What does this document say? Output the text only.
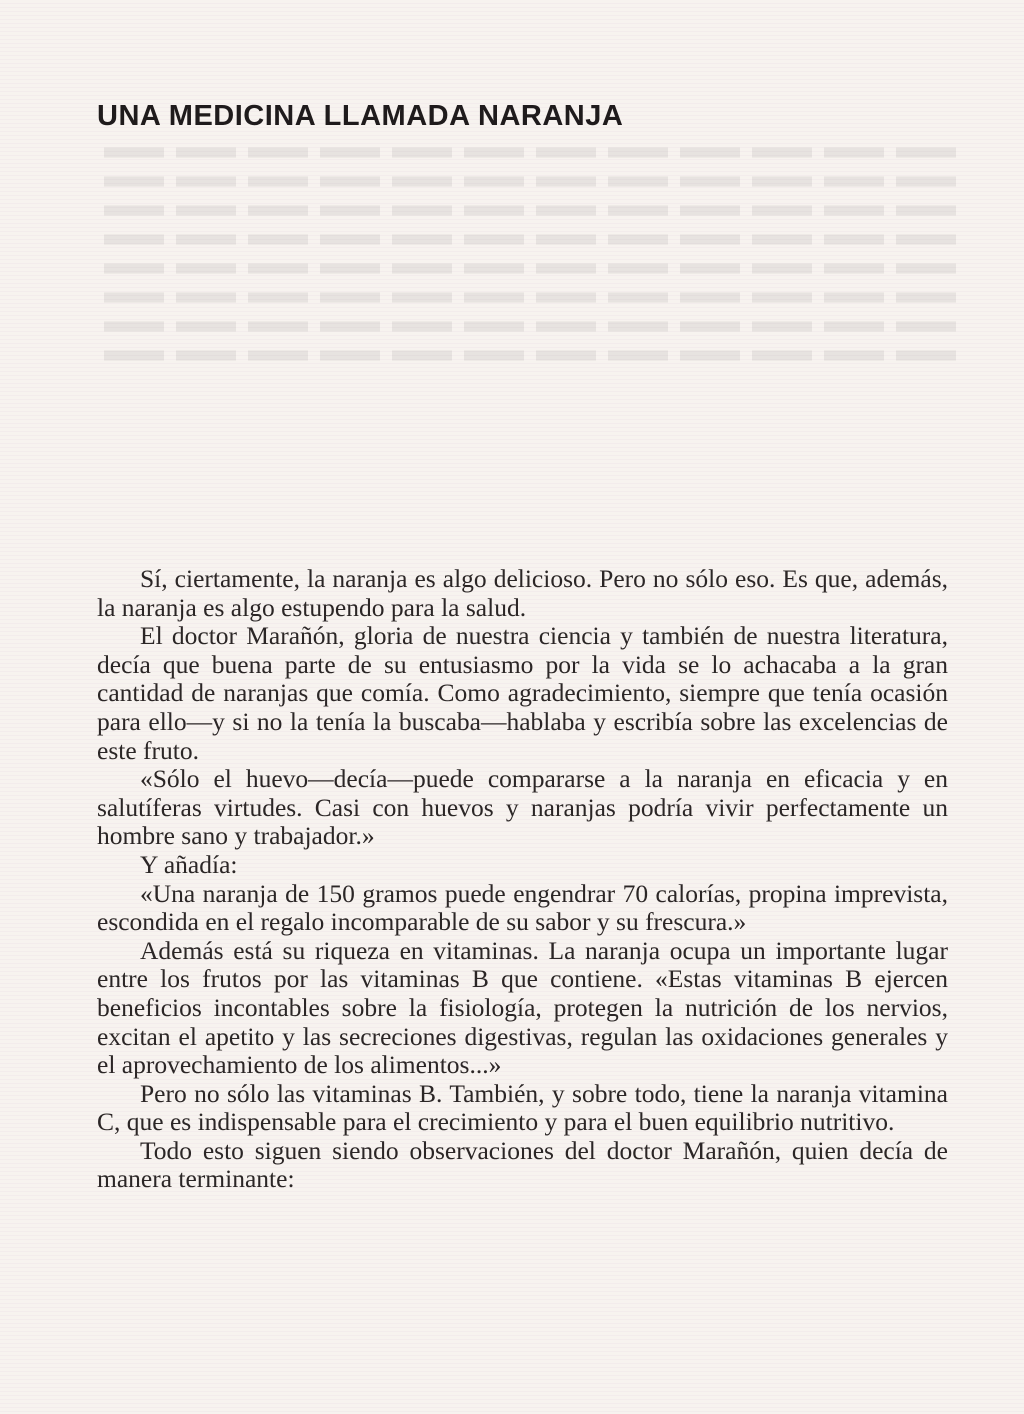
UNA MEDICINA LLAMADA NARANJA

Sí, ciertamente, la naranja es algo delicioso. Pero no sólo eso. Es que, además, la naranja es algo estupendo para la salud.

El doctor Marañón, gloria de nuestra ciencia y también de nuestra literatura, decía que buena parte de su entusiasmo por la vida se lo achacaba a la gran cantidad de naranjas que comía. Como agradecimiento, siempre que tenía ocasión para ello—y si no la tenía la buscaba—hablaba y escribía sobre las excelencias de este fruto.

«Sólo el huevo—decía—puede compararse a la naranja en eficacia y en salutíferas virtudes. Casi con huevos y naranjas podría vivir perfectamente un hombre sano y trabajador.»

Y añadía:

«Una naranja de 150 gramos puede engendrar 70 calorías, propina imprevista, escondida en el regalo incomparable de su sabor y su frescura.»

Además está su riqueza en vitaminas. La naranja ocupa un importante lugar entre los frutos por las vitaminas B que contiene. «Estas vitaminas B ejercen beneficios incontables sobre la fisiología, protegen la nutrición de los nervios, excitan el apetito y las secreciones digestivas, regulan las oxidaciones generales y el aprovechamiento de los alimentos...»

Pero no sólo las vitaminas B. También, y sobre todo, tiene la naranja vitamina C, que es indispensable para el crecimiento y para el buen equilibrio nutritivo.

Todo esto siguen siendo observaciones del doctor Marañón, quien decía de manera terminante:
